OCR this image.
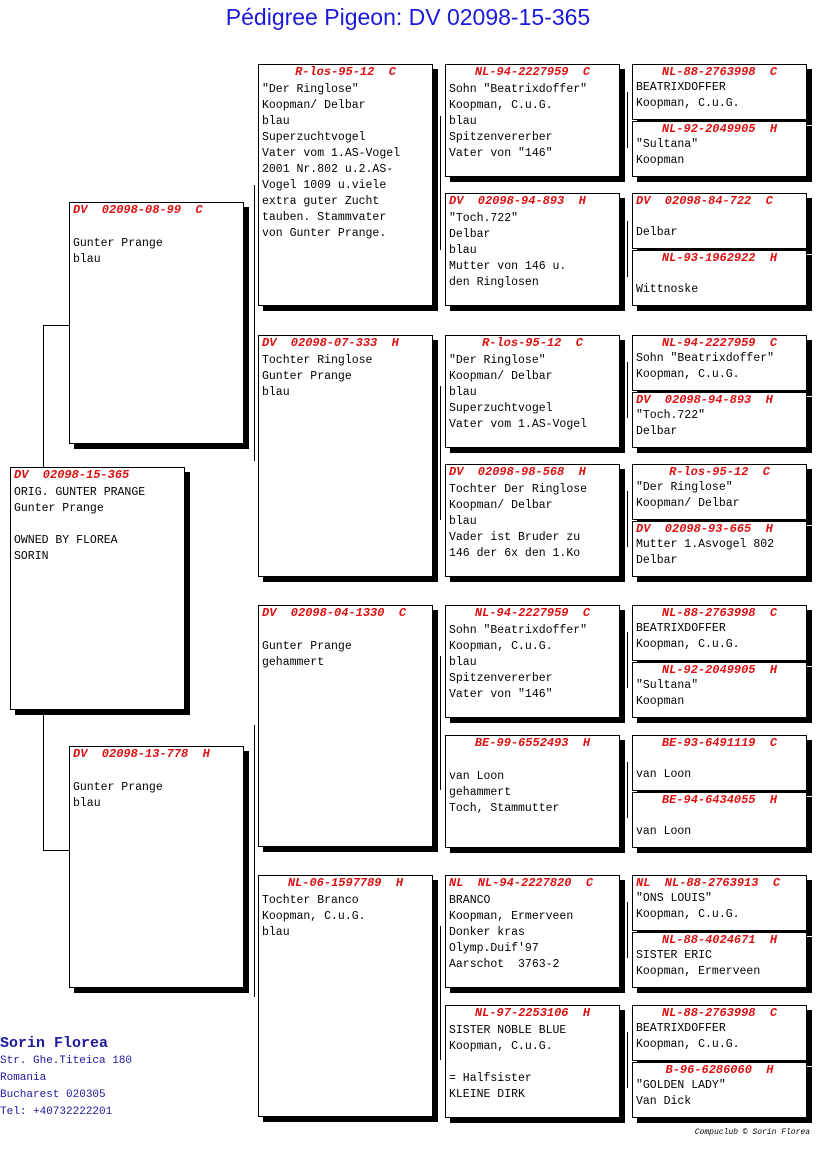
Pédigree Pigeon: DV 02098-15-365
DV  02098-15-365
ORIG. GUNTER PRANGE
Gunter Prange

OWNED BY FLOREA
SORIN
DV  02098-08-99  C

Gunter Prange
blau
DV  02098-13-778  H

Gunter Prange
blau
R-los-95-12  C
"Der Ringlose"
Koopman/ Delbar
blau
Superzuchtvogel
Vater vom 1.AS-Vogel
2001 Nr.802 u.2.AS-
Vogel 1009 u.viele
extra guter Zucht
tauben. Stammvater
von Gunter Prange.
DV  02098-07-333  H
Tochter Ringlose
Gunter Prange
blau
DV  02098-04-1330  C

Gunter Prange
gehammert
NL-06-1597789  H
Tochter Branco
Koopman, C.u.G.
blau
NL-94-2227959  C
Sohn "Beatrixdoffer"
Koopman, C.u.G.
blau
Spitzenvererber
Vater von "146"
DV  02098-94-893  H
"Toch.722"
Delbar
blau
Mutter von 146 u.
den Ringlosen
R-los-95-12  C
"Der Ringlose"
Koopman/ Delbar
blau
Superzuchtvogel
Vater vom 1.AS-Vogel
DV  02098-98-568  H
Tochter Der Ringlose
Koopman/ Delbar
blau
Vader ist Bruder zu
146 der 6x den 1.Ko
NL-94-2227959  C
Sohn "Beatrixdoffer"
Koopman, C.u.G.
blau
Spitzenvererber
Vater von "146"
BE-99-6552493  H

van Loon
gehammert
Toch, Stammutter
NL  NL-94-2227820  C
BRANCO
Koopman, Ermerveen
Donker kras
Olymp.Duif'97
Aarschot  3763-2
NL-97-2253106  H
SISTER NOBLE BLUE
Koopman, C.u.G.

= Halfsister
KLEINE DIRK
NL-88-2763998  C
BEATRIXDOFFER
Koopman, C.u.G.
NL-92-2049905  H
"Sultana"
Koopman
DV  02098-84-722  C

Delbar
NL-93-1962922  H

Wittnoske
NL-94-2227959  C
Sohn "Beatrixdoffer"
Koopman, C.u.G.
DV  02098-94-893  H
"Toch.722"
Delbar
R-los-95-12  C
"Der Ringlose"
Koopman/ Delbar
DV  02098-93-665  H
Mutter 1.Asvogel 802
Delbar
NL-88-2763998  C
BEATRIXDOFFER
Koopman, C.u.G.
NL-92-2049905  H
"Sultana"
Koopman
BE-93-6491119  C

van Loon
BE-94-6434055  H

van Loon
NL  NL-88-2763913  C
"ONS LOUIS"
Koopman, C.u.G.
NL-88-4024671  H
SISTER ERIC
Koopman, Ermerveen
NL-88-2763998  C
BEATRIXDOFFER
Koopman, C.u.G.
B-96-6286060  H
"GOLDEN LADY"
Van Dick
Sorin Florea
Str. Ghe.Titeica 180
Romania
Bucharest 020305
Tel: +40732222201
Compuclub © Sorin Florea
